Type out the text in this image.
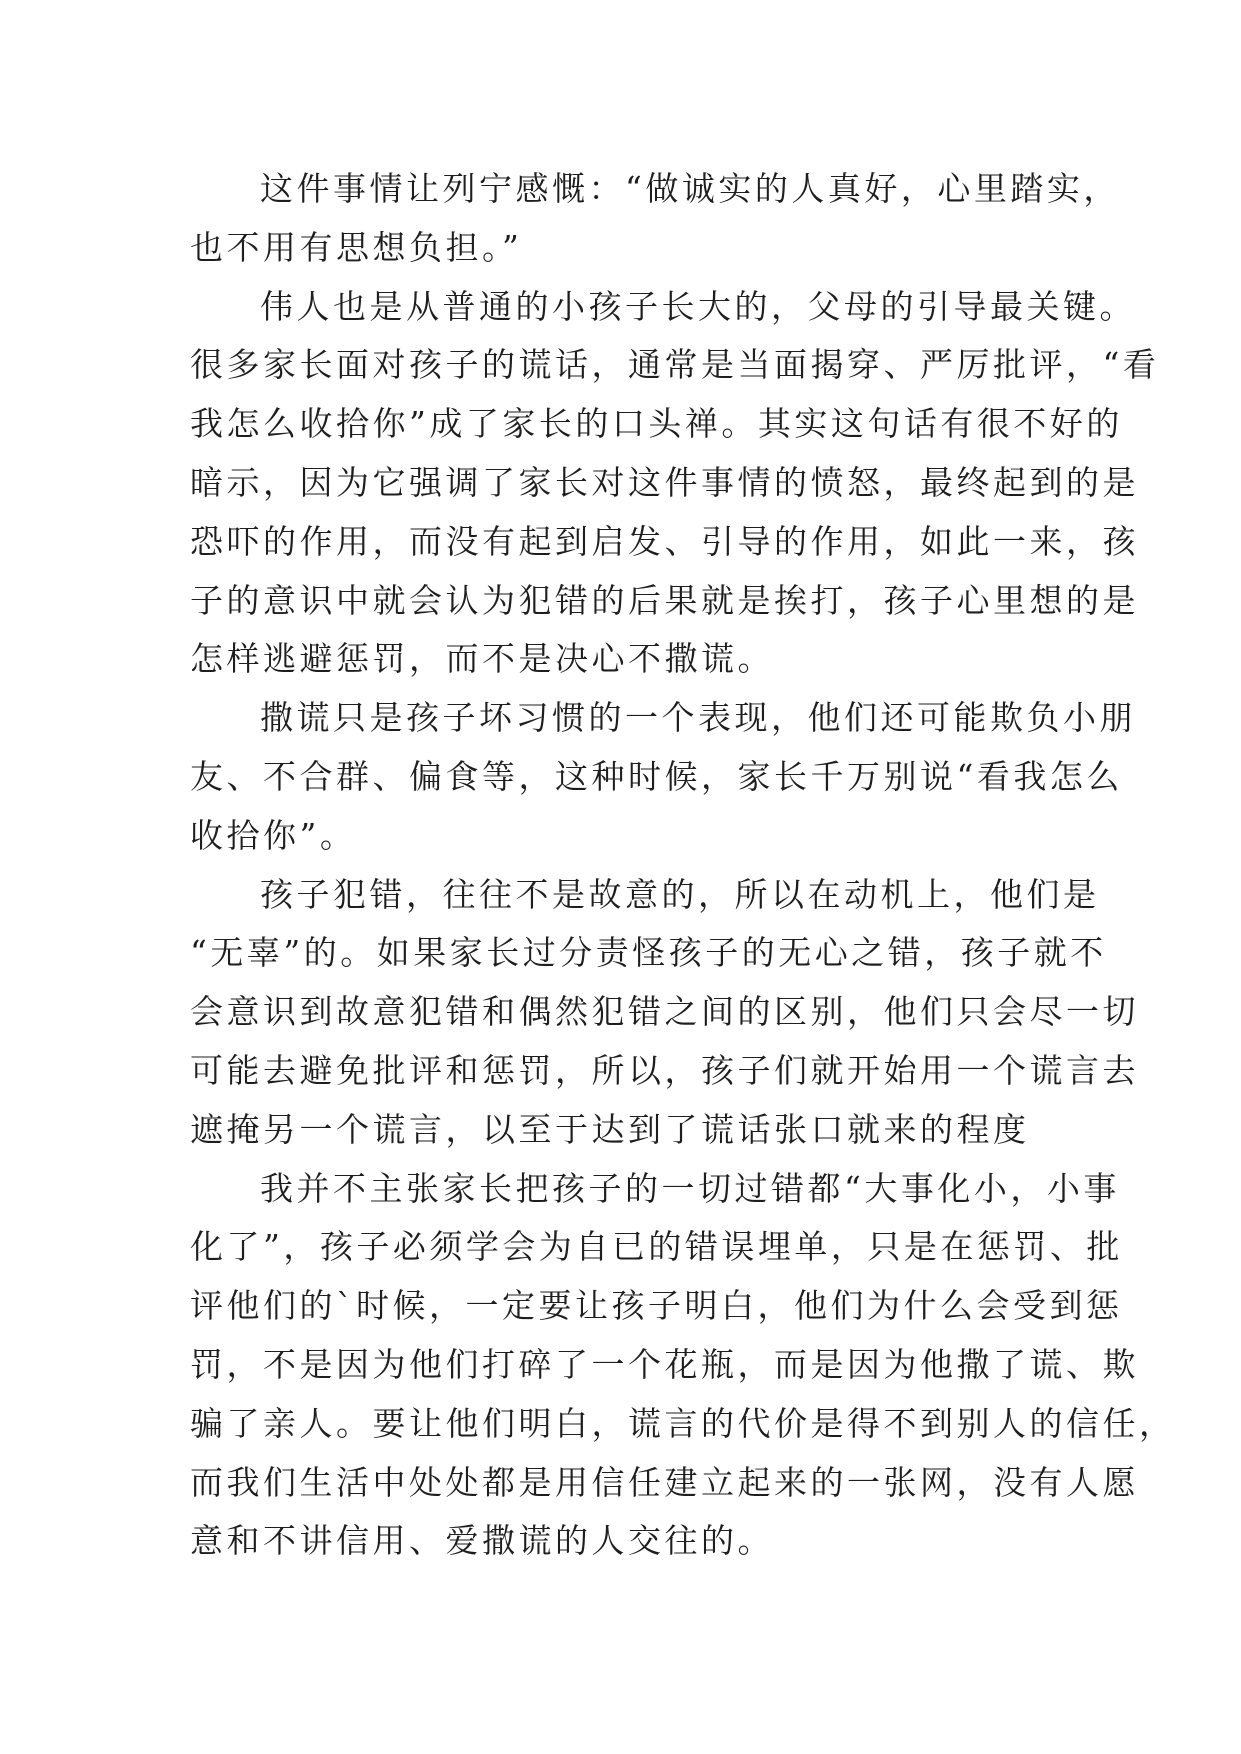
这件事情让列宁感慨：“做诚实的人真好，心里踏实，
也不用有思想负担。”
伟人也是从普通的小孩子长大的，父母的引导最关键。
很多家长面对孩子的谎话，通常是当面揭穿、严厉批评，“看
我怎么收拾你”成了家长的口头禅。其实这句话有很不好的
暗示，因为它强调了家长对这件事情的愤怒，最终起到的是
恐吓的作用，而没有起到启发、引导的作用，如此一来，孩
子的意识中就会认为犯错的后果就是挨打，孩子心里想的是
怎样逃避惩罚，而不是决心不撒谎。
撒谎只是孩子坏习惯的一个表现，他们还可能欺负小朋
友、不合群、偏食等，这种时候，家长千万别说“看我怎么
收拾你”。
孩子犯错，往往不是故意的，所以在动机上，他们是
“无辜”的。如果家长过分责怪孩子的无心之错，孩子就不
会意识到故意犯错和偶然犯错之间的区别，他们只会尽一切
可能去避免批评和惩罚，所以，孩子们就开始用一个谎言去
遮掩另一个谎言，以至于达到了谎话张口就来的程度
我并不主张家长把孩子的一切过错都“大事化小，小事
化了”，孩子必须学会为自已的错误埋单，只是在惩罚、批
评他们的`时候，一定要让孩子明白，他们为什么会受到惩
罚，不是因为他们打碎了一个花瓶，而是因为他撒了谎、欺
骗了亲人。要让他们明白，谎言的代价是得不到别人的信任，
而我们生活中处处都是用信任建立起来的一张网，没有人愿
意和不讲信用、爱撒谎的人交往的。
